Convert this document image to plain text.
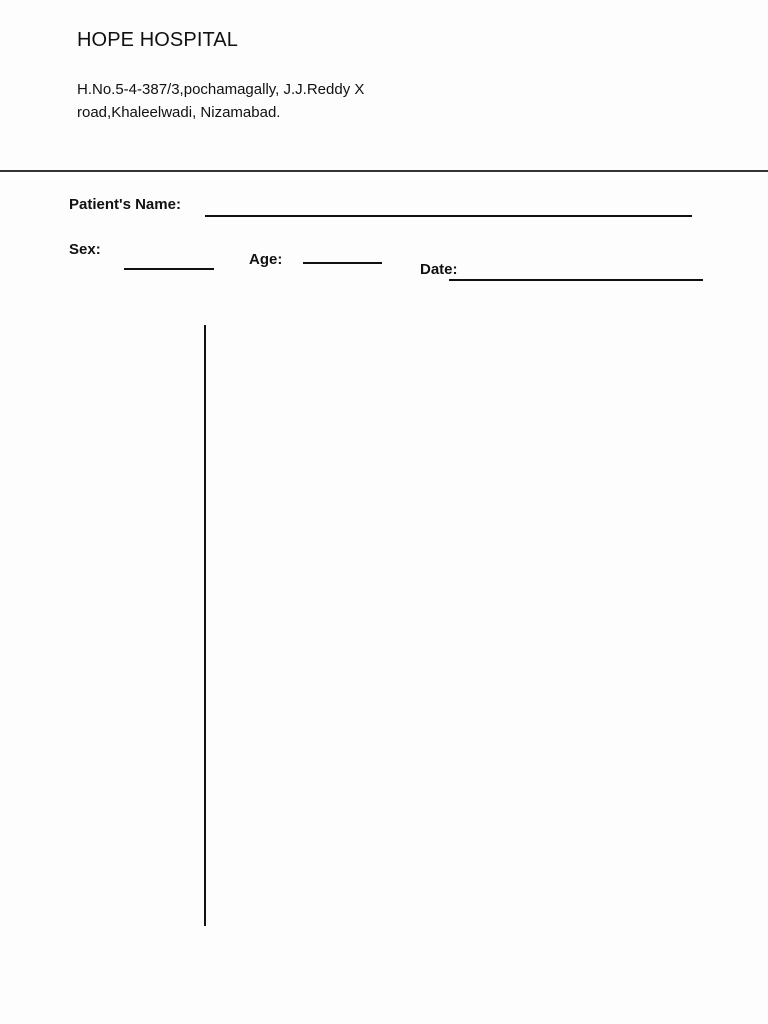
HOPE HOSPITAL
H.No.5-4-387/3,pochamagally, J.J.Reddy X
road,Khaleelwadi, Nizamabad.
Patient's Name:
Sex:
Age:
Date:
